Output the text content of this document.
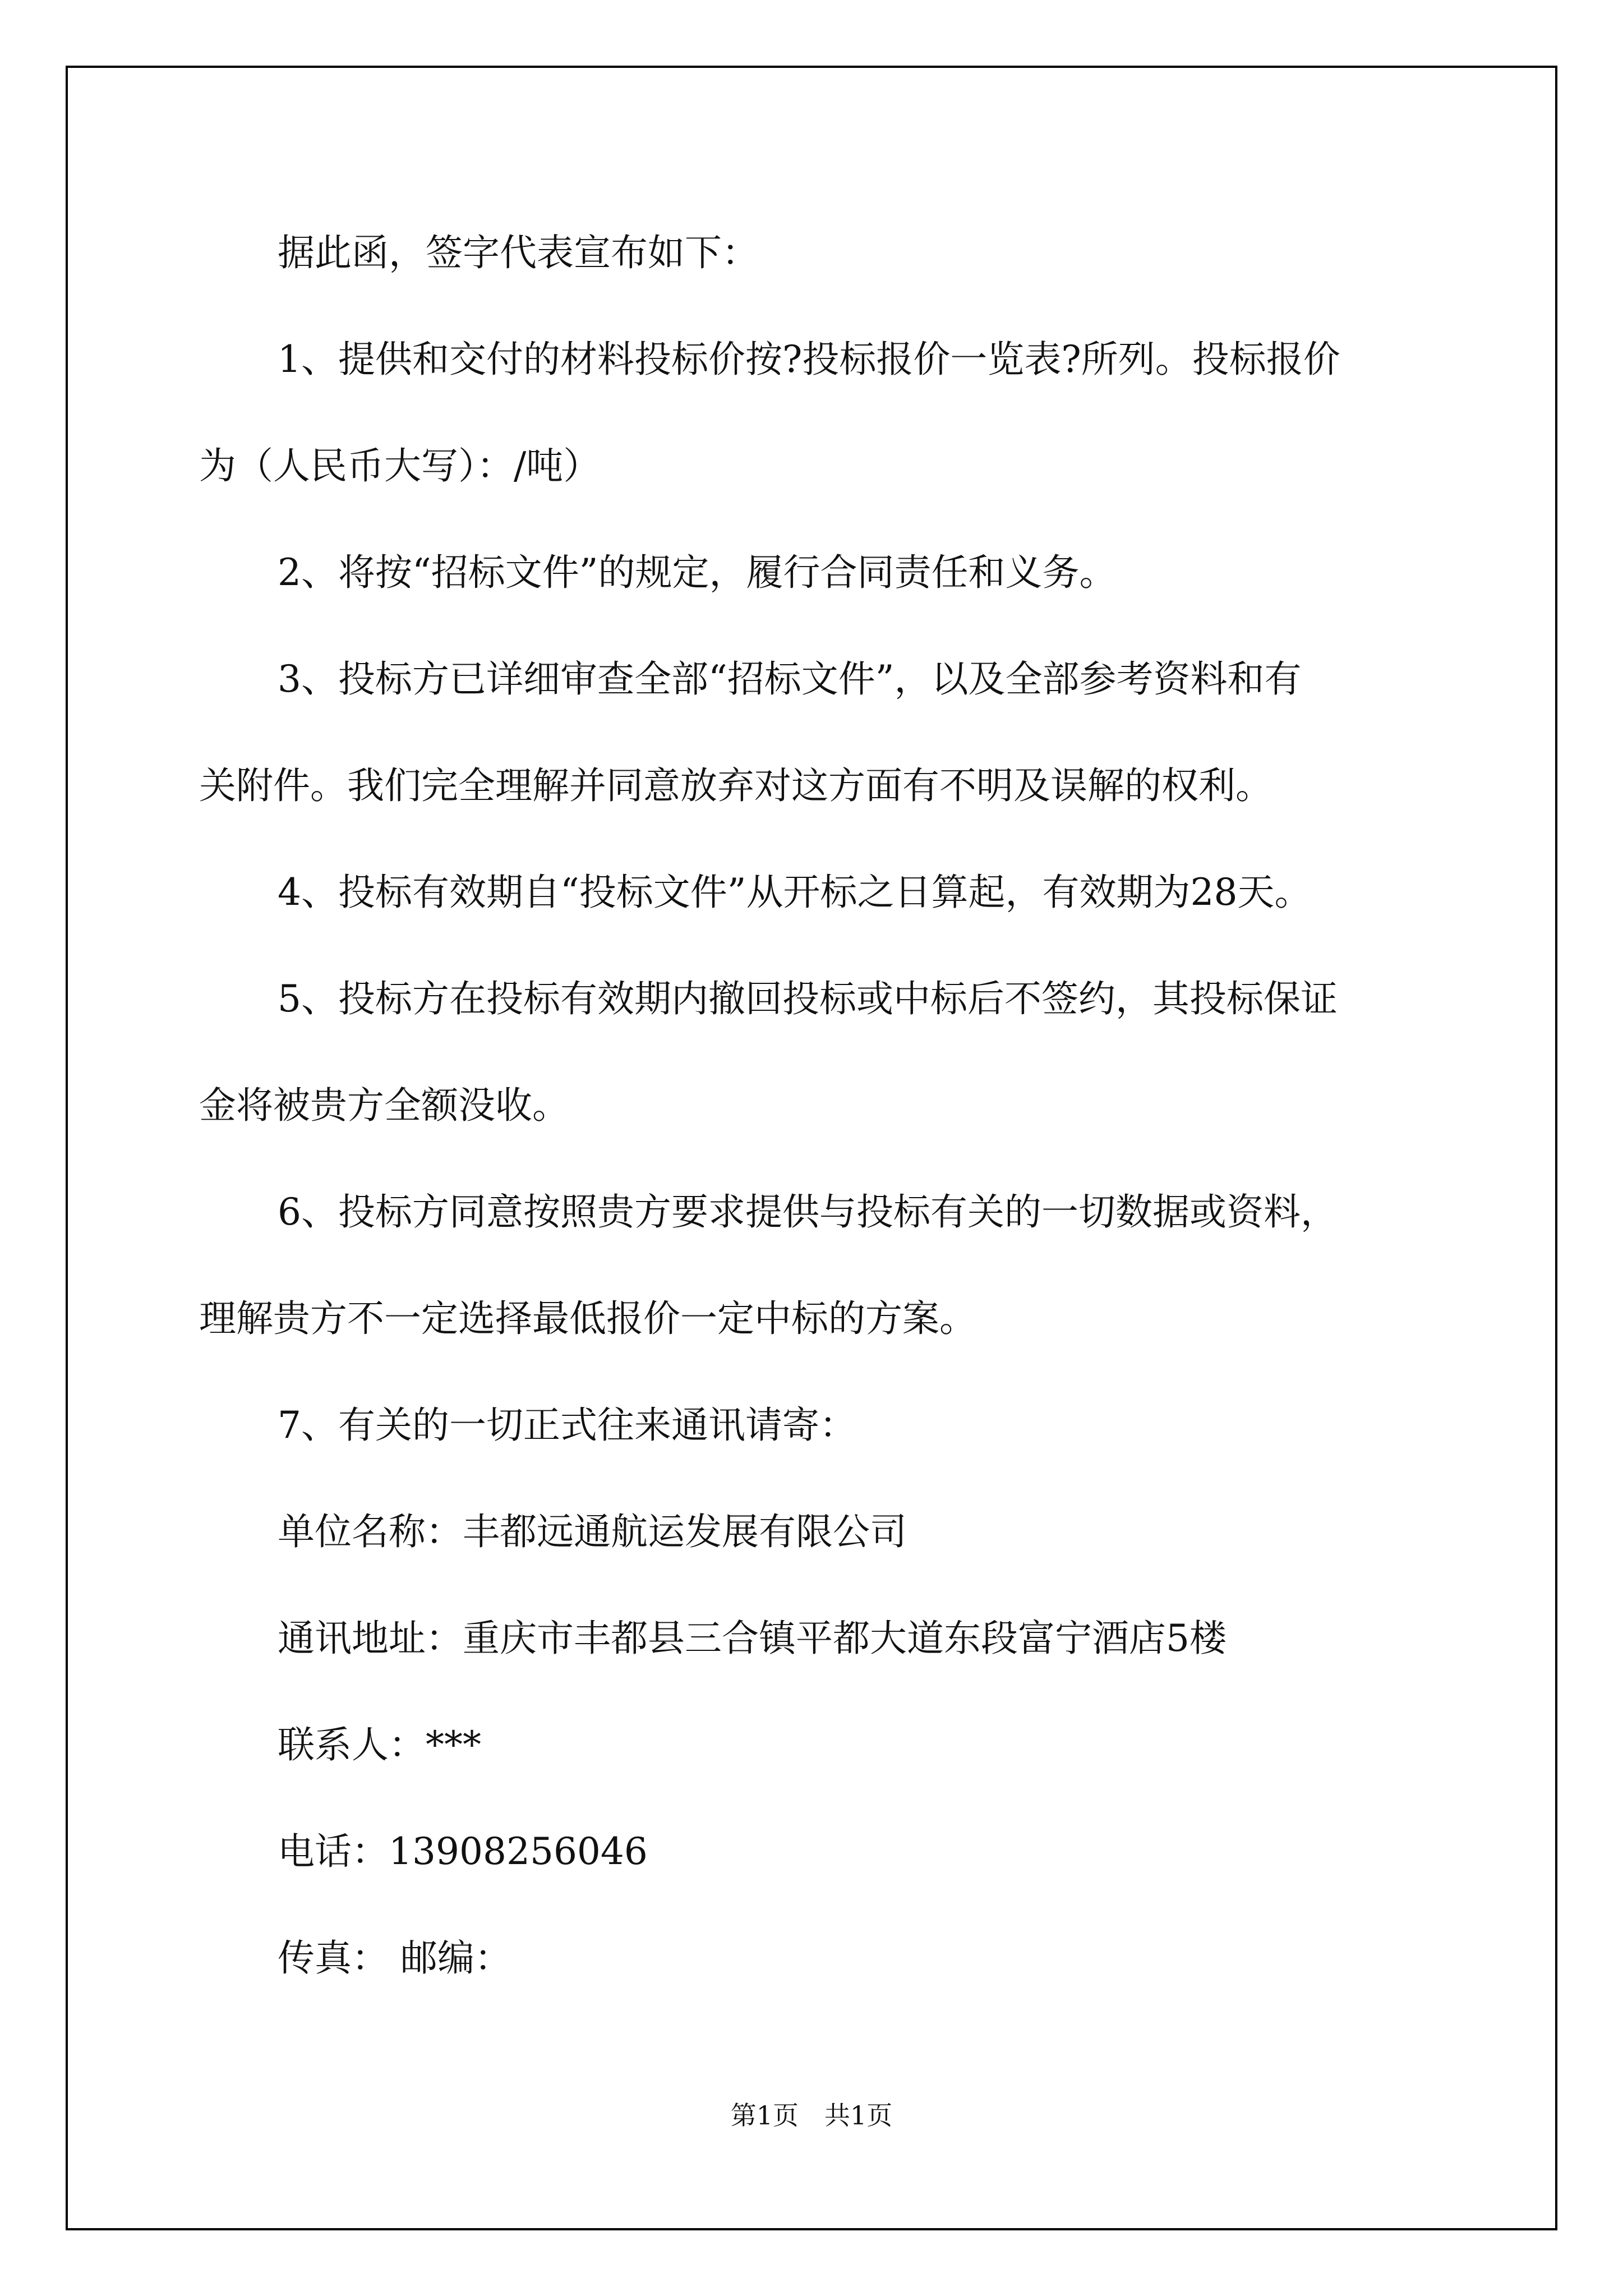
据此函，签字代表宣布如下：
1、提供和交付的材料投标价按?投标报价一览表?所列。投标报价
为（人民币大写）：/吨）
2、将按“招标文件”的规定，履行合同责任和义务。
3、投标方已详细审查全部“招标文件”，以及全部参考资料和有
关附件。我们完全理解并同意放弃对这方面有不明及误解的权利。
4、投标有效期自“投标文件”从开标之日算起，有效期为28天。
5、投标方在投标有效期内撤回投标或中标后不签约，其投标保证
金将被贵方全额没收。
6、投标方同意按照贵方要求提供与投标有关的一切数据或资料，
理解贵方不一定选择最低报价一定中标的方案。
7、有关的一切正式往来通讯请寄：
单位名称：丰都远通航运发展有限公司
通讯地址：重庆市丰都县三合镇平都大道东段富宁酒店5楼
联系人：***
电话：13908256046
传真： 邮编：
第1页　共1页
